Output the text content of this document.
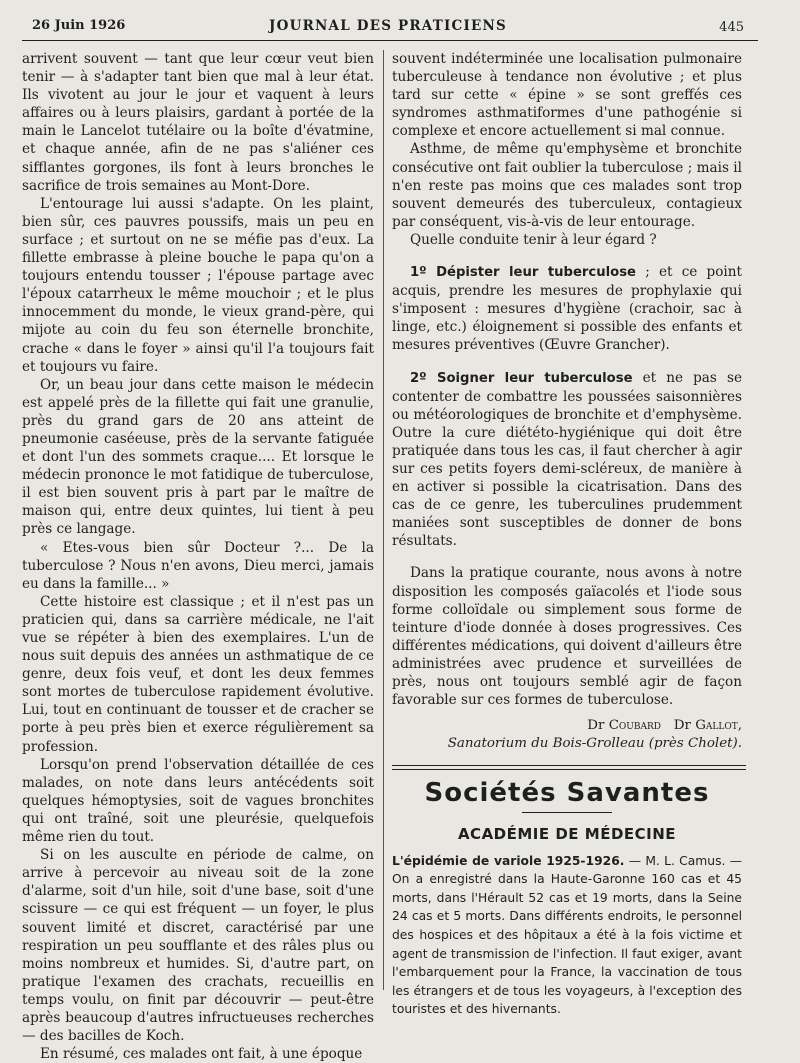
26 Juin 1926	JOURNAL DES PRATICIENS	445

arrivent souvent — tant que leur cœur veut bien tenir — à s'adapter tant bien que mal à leur état. Ils vivotent au jour le jour et vaquent à leurs affaires ou à leurs plaisirs, gardant à portée de la main le Lancelot tutélaire ou la boîte d'évatmine, et chaque année, afin de ne pas s'aliéner ces sifflantes gorgones, ils font à leurs bronches le sacrifice de trois semaines au Mont-Dore.

L'entourage lui aussi s'adapte. On les plaint, bien sûr, ces pauvres poussifs, mais un peu en surface ; et surtout on ne se méfie pas d'eux. La fillette embrasse à pleine bouche le papa qu'on a toujours entendu tousser ; l'épouse partage avec l'époux catarrheux le même mouchoir ; et le plus innocemment du monde, le vieux grand-père, qui mijote au coin du feu son éternelle bronchite, crache « dans le foyer » ainsi qu'il l'a toujours fait et toujours vu faire.

Or, un beau jour dans cette maison le médecin est appelé près de la fillette qui fait une granulie, près du grand gars de 20 ans atteint de pneumonie caséeuse, près de la servante fatiguée et dont l'un des sommets craque.... Et lorsque le médecin prononce le mot fatidique de tuberculose, il est bien souvent pris à part par le maître de maison qui, entre deux quintes, lui tient à peu près ce langage.

« Etes-vous bien sûr Docteur ?... De la tuberculose ? Nous n'en avons, Dieu merci, jamais eu dans la famille... »

Cette histoire est classique ; et il n'est pas un praticien qui, dans sa carrière médicale, ne l'ait vue se répéter à bien des exemplaires. L'un de nous suit depuis des années un asthmatique de ce genre, deux fois veuf, et dont les deux femmes sont mortes de tuberculose rapidement évolutive. Lui, tout en continuant de tousser et de cracher se porte à peu près bien et exerce régulièrement sa profession.

Lorsqu'on prend l'observation détaillée de ces malades, on note dans leurs antécédents soit quelques hémoptysies, soit de vagues bronchites qui ont traîné, soit une pleurésie, quelquefois même rien du tout.

Si on les ausculte en période de calme, on arrive à percevoir au niveau soit de la zone d'alarme, soit d'un hile, soit d'une base, soit d'une scissure — ce qui est fréquent — un foyer, le plus souvent limité et discret, caractérisé par une respiration un peu soufflante et des râles plus ou moins nombreux et humides. Si, d'autre part, on pratique l'examen des crachats, recueillis en temps voulu, on finit par découvrir — peut-être après beaucoup d'autres infructueuses recherches — des bacilles de Koch.

En résumé, ces malades ont fait, à une époque

souvent indéterminée une localisation pulmonaire tuberculeuse à tendance non évolutive ; et plus tard sur cette « épine » se sont greffés ces syndromes asthmatiformes d'une pathogénie si complexe et encore actuellement si mal connue.

Asthme, de même qu'emphysème et bronchite consécutive ont fait oublier la tuberculose ; mais il n'en reste pas moins que ces malades sont trop souvent demeurés des tuberculeux, contagieux par conséquent, vis-à-vis de leur entourage.

Quelle conduite tenir à leur égard ?

1º Dépister leur tuberculose ; et ce point acquis, prendre les mesures de prophylaxie qui s'imposent : mesures d'hygiène (crachoir, sac à linge, etc.) éloignement si possible des enfants et mesures préventives (Œuvre Grancher).

2º Soigner leur tuberculose et ne pas se contenter de combattre les poussées saisonnières ou météorologiques de bronchite et d'emphysème. Outre la cure diététo-hygiénique qui doit être pratiquée dans tous les cas, il faut chercher à agir sur ces petits foyers demi-scléreux, de manière à en activer si possible la cicatrisation. Dans des cas de ce genre, les tuberculines prudemment maniées sont susceptibles de donner de bons résultats.

Dans la pratique courante, nous avons à notre disposition les composés gaïacolés et l'iode sous forme colloïdale ou simplement sous forme de teinture d'iode donnée à doses progressives. Ces différentes médications, qui doivent d'ailleurs être administrées avec prudence et surveillées de près, nous ont toujours semblé agir de façon favorable sur ces formes de tuberculose.

Dr Coubard Dr Gallot,
Sanatorium du Bois-Grolleau (près Cholet).
Sociétés Savantes
ACADÉMIE DE MÉDECINE
L'épidémie de variole 1925-1926. — M. L. Camus. — On a enregistré dans la Haute-Garonne 160 cas et 45 morts, dans l'Hérault 52 cas et 19 morts, dans la Seine 24 cas et 5 morts. Dans différents endroits, le personnel des hospices et des hôpitaux a été à la fois victime et agent de transmission de l'infection. Il faut exiger, avant l'embarquement pour la France, la vaccination de tous les étrangers et de tous les voyageurs, à l'exception des touristes et des hivernants.
